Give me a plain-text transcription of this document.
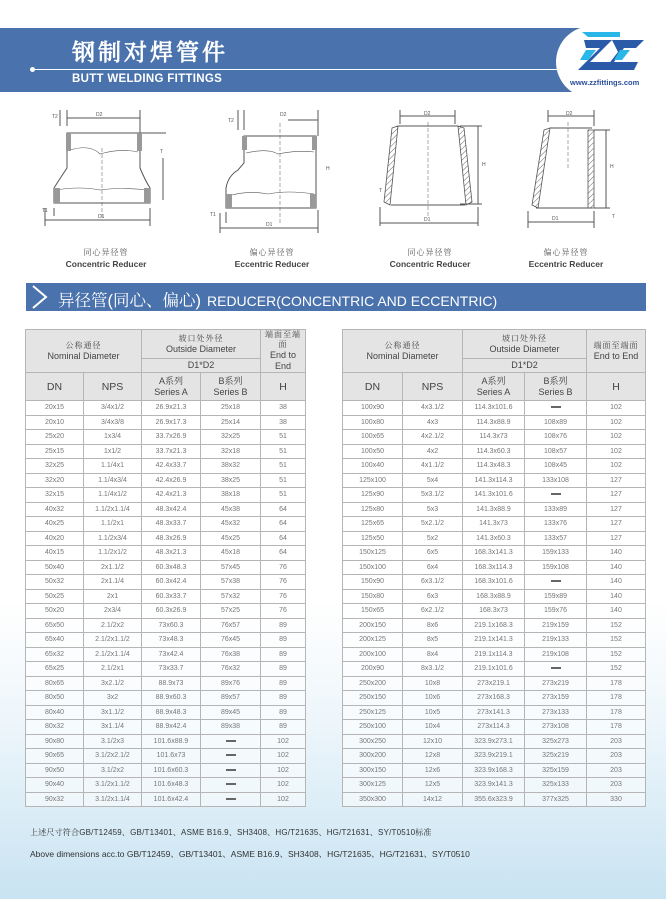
钢制对焊管件
BUTT WELDING FITTINGS	www.zzfittings.com
T2	D2
T
T1
D1
同心异径管
Concentric Reducer
T2
D2
H
T1
D1
偏心异径管
Eccentric Reducer
D2
H
T
D1
同心异径管
Concentric Reducer
D2
H
T
D1
偏心异径管
Eccentric Reducer
异径管(同心、偏心) REDUCER(CONCENTRIC AND ECCENTRIC)
公称通径
Nominal Diameter		坡口处外径
Outside Diameter		端面至端面
End to End

		D1*D2		

DN	NPS	A系列
Series A	B系列
Series B	H
20x15	3/4x1/2	26.9x21.3	25x18	38
20x10	3/4x3/8	26.9x17.3	25x14	38
25x20	1x3/4	33.7x26.9	32x25	51
25x15	1x1/2	33.7x21.3	32x18	51
32x25	1.1/4x1	42.4x33.7	38x32	51
32x20	1.1/4x3/4	42.4x26.9	38x25	51
32x15	1.1/4x1/2	42.4x21.3	38x18	51
40x32	1.1/2x1.1/4	48.3x42.4	45x38	64
40x25	1.1/2x1	48.3x33.7	45x32	64
40x20	1.1/2x3/4	48.3x26.9	45x25	64
40x15	1.1/2x1/2	48.3x21.3	45x18	64
50x40	2x1.1/2	60.3x48.3	57x45	76
50x32	2x1.1/4	60.3x42.4	57x38	76
50x25	2x1	60.3x33.7	57x32	76
50x20	2x3/4	60.3x26.9	57x25	76
65x50	2.1/2x2	73x60.3	76x57	89
65x40	2.1/2x1.1/2	73x48.3	76x45	89
65x32	2.1/2x1.1/4	73x42.4	76x38	89
65x25	2.1/2x1	73x33.7	76x32	89
80x65	3x2.1/2	88.9x73	89x76	89
80x50	3x2	88.9x60.3	89x57	89
80x40	3x1.1/2	88.9x48.3	89x45	89
80x32	3x1.1/4	88.9x42.4	89x38	89
90x80	3.1/2x3	101.6x88.9		102
90x65	3.1/2x2.1/2	101.6x73		102
90x50	3.1/2x2	101.6x60.3		102
90x40	3.1/2x1.1/2	101.6x48.3		102
90x32	3.1/2x1.1/4	101.6x42.4		102
公称通径
Nominal Diameter		坡口处外径
Outside Diameter		端面至端面
End to End

		D1*D2		

DN	NPS	A系列
Series A	B系列
Series B	H
100x90	4x3.1/2	114.3x101.6		102
100x80	4x3	114.3x88.9	108x89	102
100x65	4x2.1/2	114.3x73	108x76	102
100x50	4x2	114.3x60.3	108x57	102
100x40	4x1.1/2	114.3x48.3	108x45	102
125x100	5x4	141.3x114.3	133x108	127
125x90	5x3.1/2	141.3x101.6		127
125x80	5x3	141.3x88.9	133x89	127
125x65	5x2.1/2	141.3x73	133x76	127
125x50	5x2	141.3x60.3	133x57	127
150x125	6x5	168.3x141.3	159x133	140
150x100	6x4	168.3x114.3	159x108	140
150x90	6x3.1/2	168.3x101.6		140
150x80	6x3	168.3x88.9	159x89	140
150x65	6x2.1/2	168.3x73	159x76	140
200x150	8x6	219.1x168.3	219x159	152
200x125	8x5	219.1x141.3	219x133	152
200x100	8x4	219.1x114.3	219x108	152
200x90	8x3.1/2	219.1x101.6		152
250x200	10x8	273x219.1	273x219	178
250x150	10x6	273x168.3	273x159	178
250x125	10x5	273x141.3	273x133	178
250x100	10x4	273x114.3	273x108	178
300x250	12x10	323.9x273.1	325x273	203
300x200	12x8	323.9x219.1	325x219	203
300x150	12x6	323.9x168.3	325x159	203
300x125	12x5	323.9x141.3	325x133	203
350x300	14x12	355.6x323.9	377x325	330
上述尺寸符合GB/T12459、GB/T13401、ASME B16.9、SH3408、HG/T21635、HG/T21631、SY/T0510标准
Above dimensions acc.to GB/T12459、GB/T13401、ASME B16.9、SH3408、HG/T21635、HG/T21631、SY/T0510
